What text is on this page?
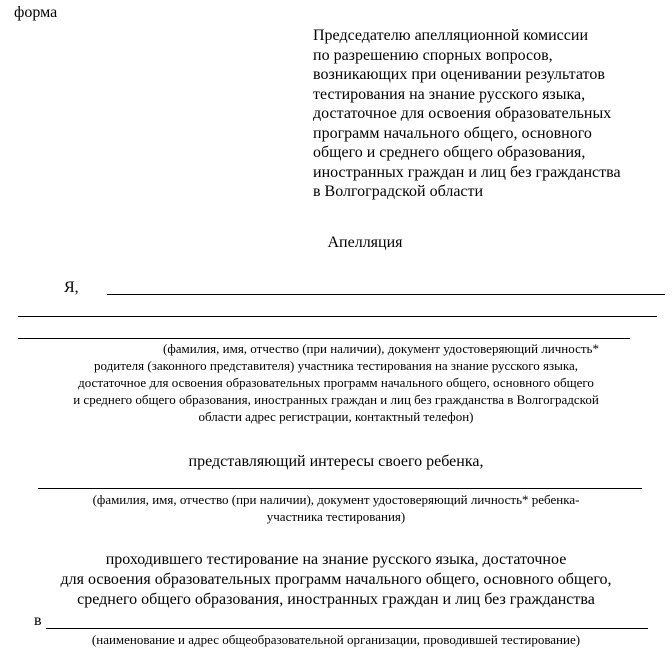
форма
Председателю апелляционной комиссии
по разрешению спорных вопросов,
возникающих при оценивании результатов
тестирования на знание русского языка,
достаточное для освоения образовательных
программ начального общего, основного
общего и среднего общего образования,
иностранных граждан и лиц без гражданства
в Волгоградской области
Апелляция
Я,
(фамилия, имя, отчество (при наличии), документ удостоверяющий личность*
родителя (законного представителя) участника тестирования на знание русского языка,
достаточное для освоения образовательных программ начального общего, основного общего
и среднего общего образования, иностранных граждан и лиц без гражданства в Волгоградской
области адрес регистрации, контактный телефон)
представляющий интересы своего ребенка,
(фамилия, имя, отчество (при наличии), документ удостоверяющий личность* ребенка-
участника тестирования)
проходившего тестирование на знание русского языка, достаточное
для освоения образовательных программ начального общего, основного общего,
среднего общего образования, иностранных граждан и лиц без гражданства
в
(наименование и адрес общеобразовательной организации, проводившей тестирование)
